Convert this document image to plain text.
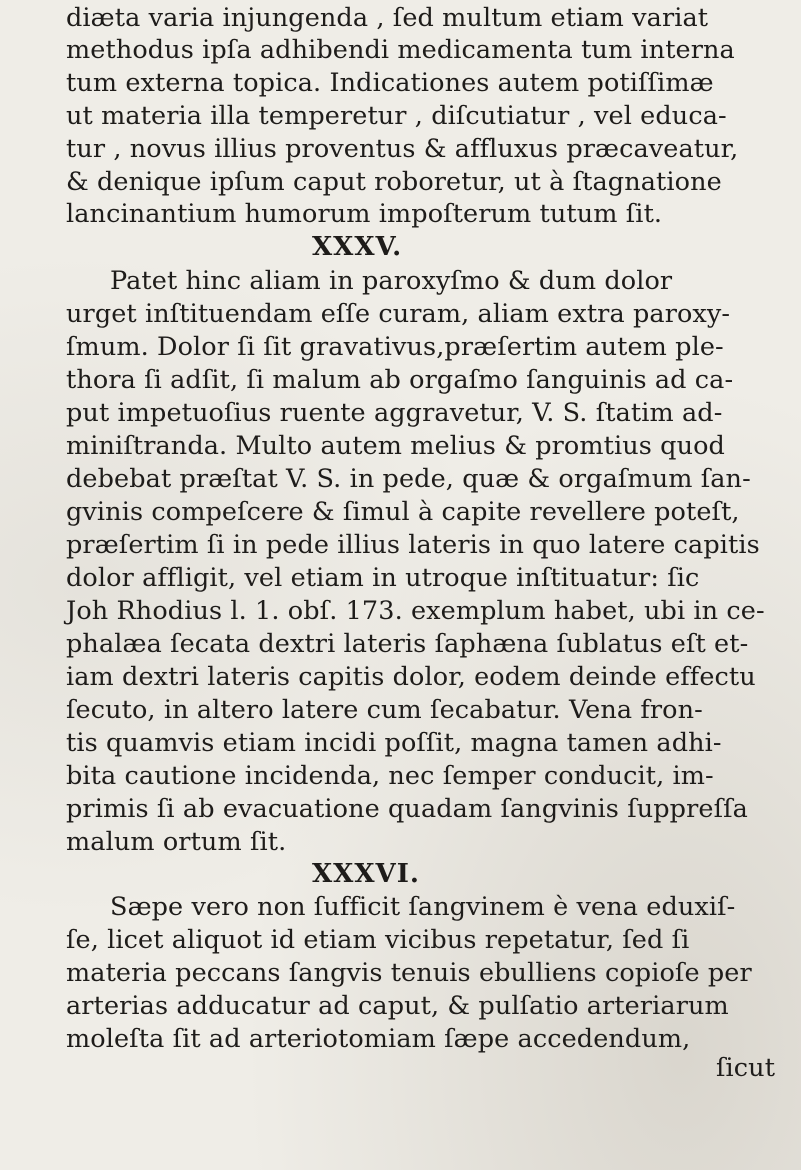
diæta varia injungenda , ſed multum etiam variat
methodus ipſa adhibendi medicamenta tum interna
tum externa topica. Indicationes autem potiſſimæ
ut materia illa temperetur , diſcutiatur , vel educa-
tur , novus illius proventus & affluxus præcaveatur,
& denique ipſum caput roboretur, ut à ſtagnatione
lancinantium humorum impoſterum tutum ſit.
XXXV.
Patet hinc aliam in paroxyſmo & dum dolor
urget inſtituendam eſſe curam, aliam extra paroxy-
ſmum. Dolor ſi ſit gravativus,præſertim autem ple-
thora ſi adſit, ſi malum ab orgaſmo ſanguinis ad ca-
put impetuoſius ruente aggravetur, V. S. ſtatim ad-
miniſtranda. Multo autem melius & promtius quod
debebat præſtat V. S. in pede, quæ & orgaſmum ſan-
gvinis compeſcere & ſimul à capite revellere poteſt,
præſertim ſi in pede illius lateris in quo latere capitis
dolor affligit, vel etiam in utroque inſtituatur: ſic
Joh Rhodius l. 1. obſ. 173. exemplum habet, ubi in ce-
phalæa ſecata dextri lateris ſaphæna ſublatus eſt et-
iam dextri lateris capitis dolor, eodem deinde effectu
ſecuto, in altero latere cum ſecabatur. Vena fron-
tis quamvis etiam incidi poſſit, magna tamen adhi-
bita cautione incidenda, nec ſemper conducit, im-
primis ſi ab evacuatione quadam ſangvinis ſuppreſſa
malum ortum ſit.
XXXVI.
Sæpe vero non ſufficit ſangvinem è vena eduxiſ-
ſe, licet aliquot id etiam vicibus repetatur, ſed ſi
materia peccans ſangvis tenuis ebulliens copioſe per
arterias adducatur ad caput, & pulſatio arteriarum
moleſta ſit ad arteriotomiam ſæpe accedendum,
ſicut
